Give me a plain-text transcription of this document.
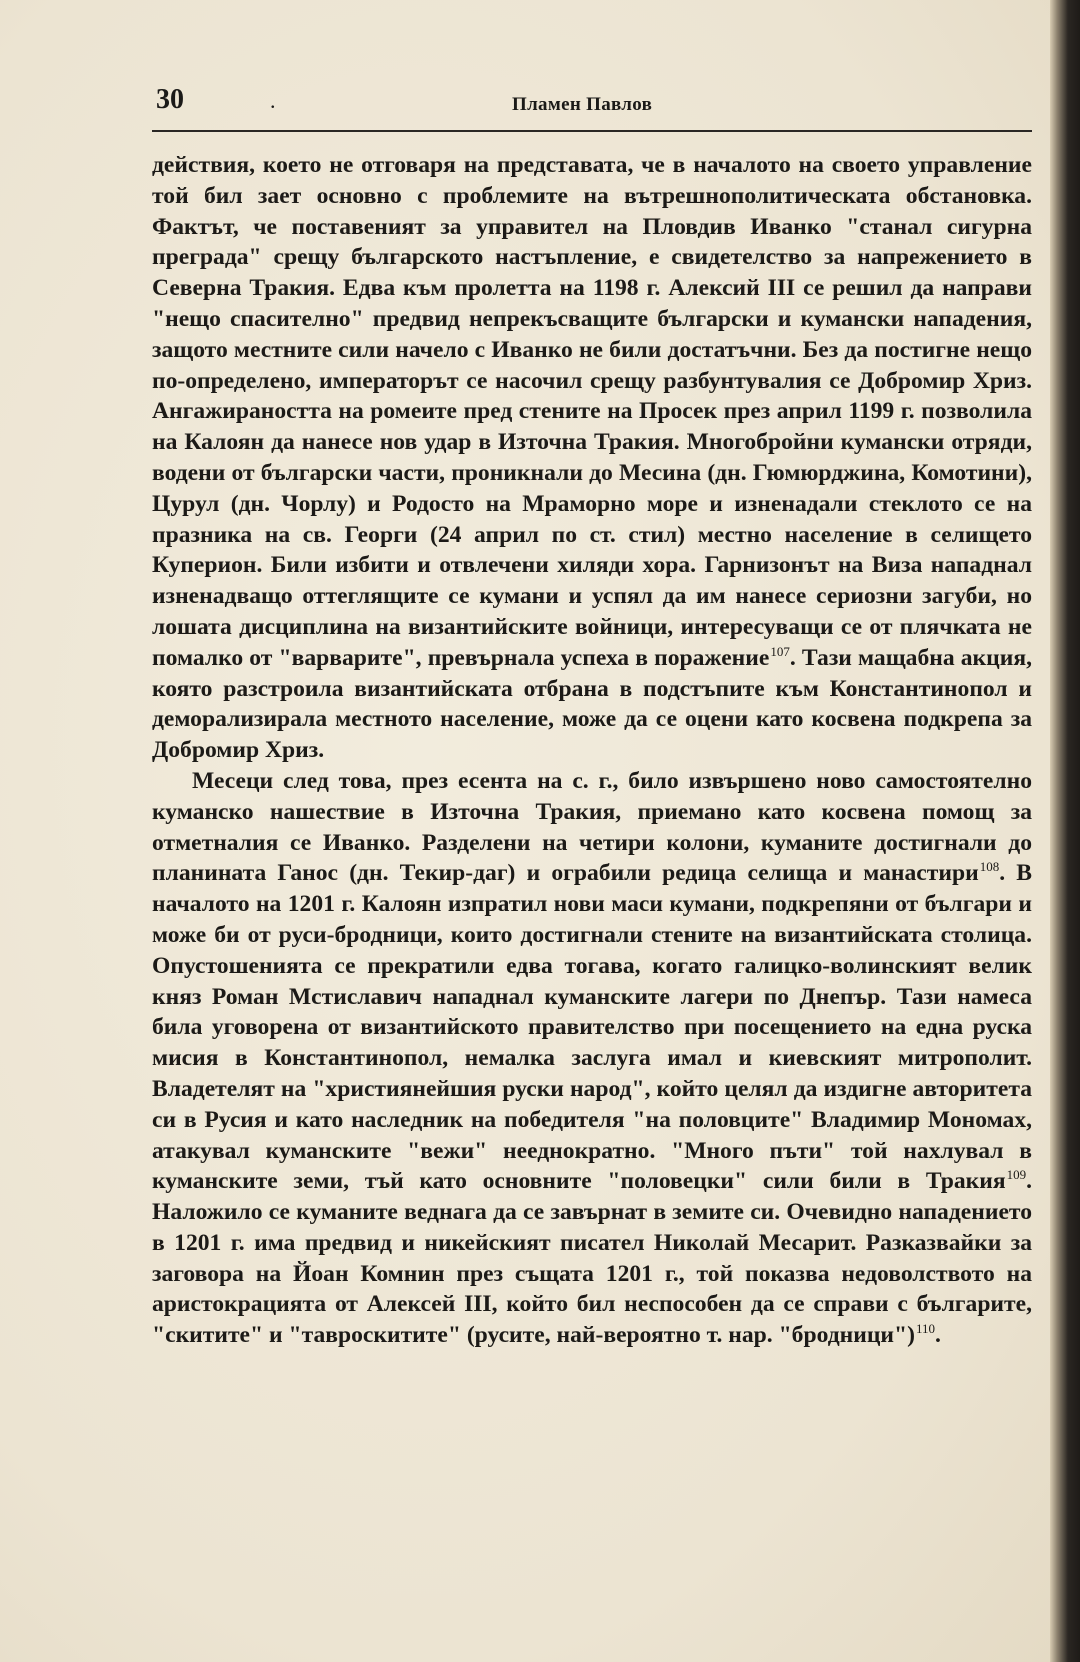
30	.	Пламен Павлов

действия, което не отговаря на представата, че в началото на своето управление той бил зает основно с проблемите на вътрешнополитическата обстановка. Фактът, че поставеният за управител на Пловдив Иванко "станал сигурна преграда" срещу българското настъпление, е свидетелство за напрежението в Северна Тракия. Едва към пролетта на 1198 г. Алексий III се решил да направи "нещо спасително" предвид непрекъсващите български и кумански нападения, защото местните сили начело с Иванко не били достатъчни. Без да постигне нещо по-определено, императорът се насочил срещу разбунтувалия се Добромир Хриз. Ангажираността на ромеите пред стените на Просек през април 1199 г. позволила на Калоян да нанесе нов удар в Източна Тракия. Многобройни кумански отряди, водени от български части, проникнали до Месина (дн. Гюмюрджина, Комотини), Цурул (дн. Чорлу) и Родосто на Мраморно море и изненадали стеклото се на празника на св. Георги (24 април по ст. стил) местно население в селището Куперион. Били избити и отвлечени хиляди хора. Гарнизонът на Виза нападнал изненадващо оттеглящите се кумани и успял да им нанесе сериозни загуби, но лошата дисциплина на византийските войници, интересуващи се от плячката не помалко от "варварите", превърнала успеха в поражение$^{107}$. Тази мащабна акция, която разстроила византийската отбрана в подстъпите към Константинопол и деморализирала местното население, може да се оцени като косвена подкрепа за Добромир Хриз.

Месеци след това, през есента на с. г., било извършено ново самостоятелно куманско нашествие в Източна Тракия, приемано като косвена помощ за отметналия се Иванко. Разделени на четири колони, куманите достигнали до планината Ганос (дн. Текир-даг) и ограбили редица селища и манастири$^{108}$. В началото на 1201 г. Калоян изпратил нови маси кумани, подкрепяни от българи и може би от руси-бродници, които достигнали стените на византийската столица. Опустошенията се прекратили едва тогава, когато галицко-волинският велик княз Роман Мстиславич нападнал куманските лагери по Днепър. Тази намеса била уговорена от византийското правителство при посещението на една руска мисия в Константинопол, немалка заслуга имал и киевският митрополит. Владетелят на "християнейшия руски народ", който целял да издигне авторитета си в Русия и като наследник на победителя "на половците" Владимир Мономах, атакувал куманските "вежи" нееднократно. "Много пъти" той нахлувал в куманските земи, тъй като основните "половецки" сили били в Тракия$^{109}$. Наложило се куманите веднага да се завърнат в земите си. Очевидно нападението в 1201 г. има предвид и никейският писател Николай Месарит. Разказвайки за заговора на Йоан Комнин през същата 1201 г., той показва недоволството на аристокрацията от Алексей III, който бил неспособен да се справи с българите, "скитите" и "тавроскитите" (русите, най-вероятно т. нар. "бродници")$^{110}$.
